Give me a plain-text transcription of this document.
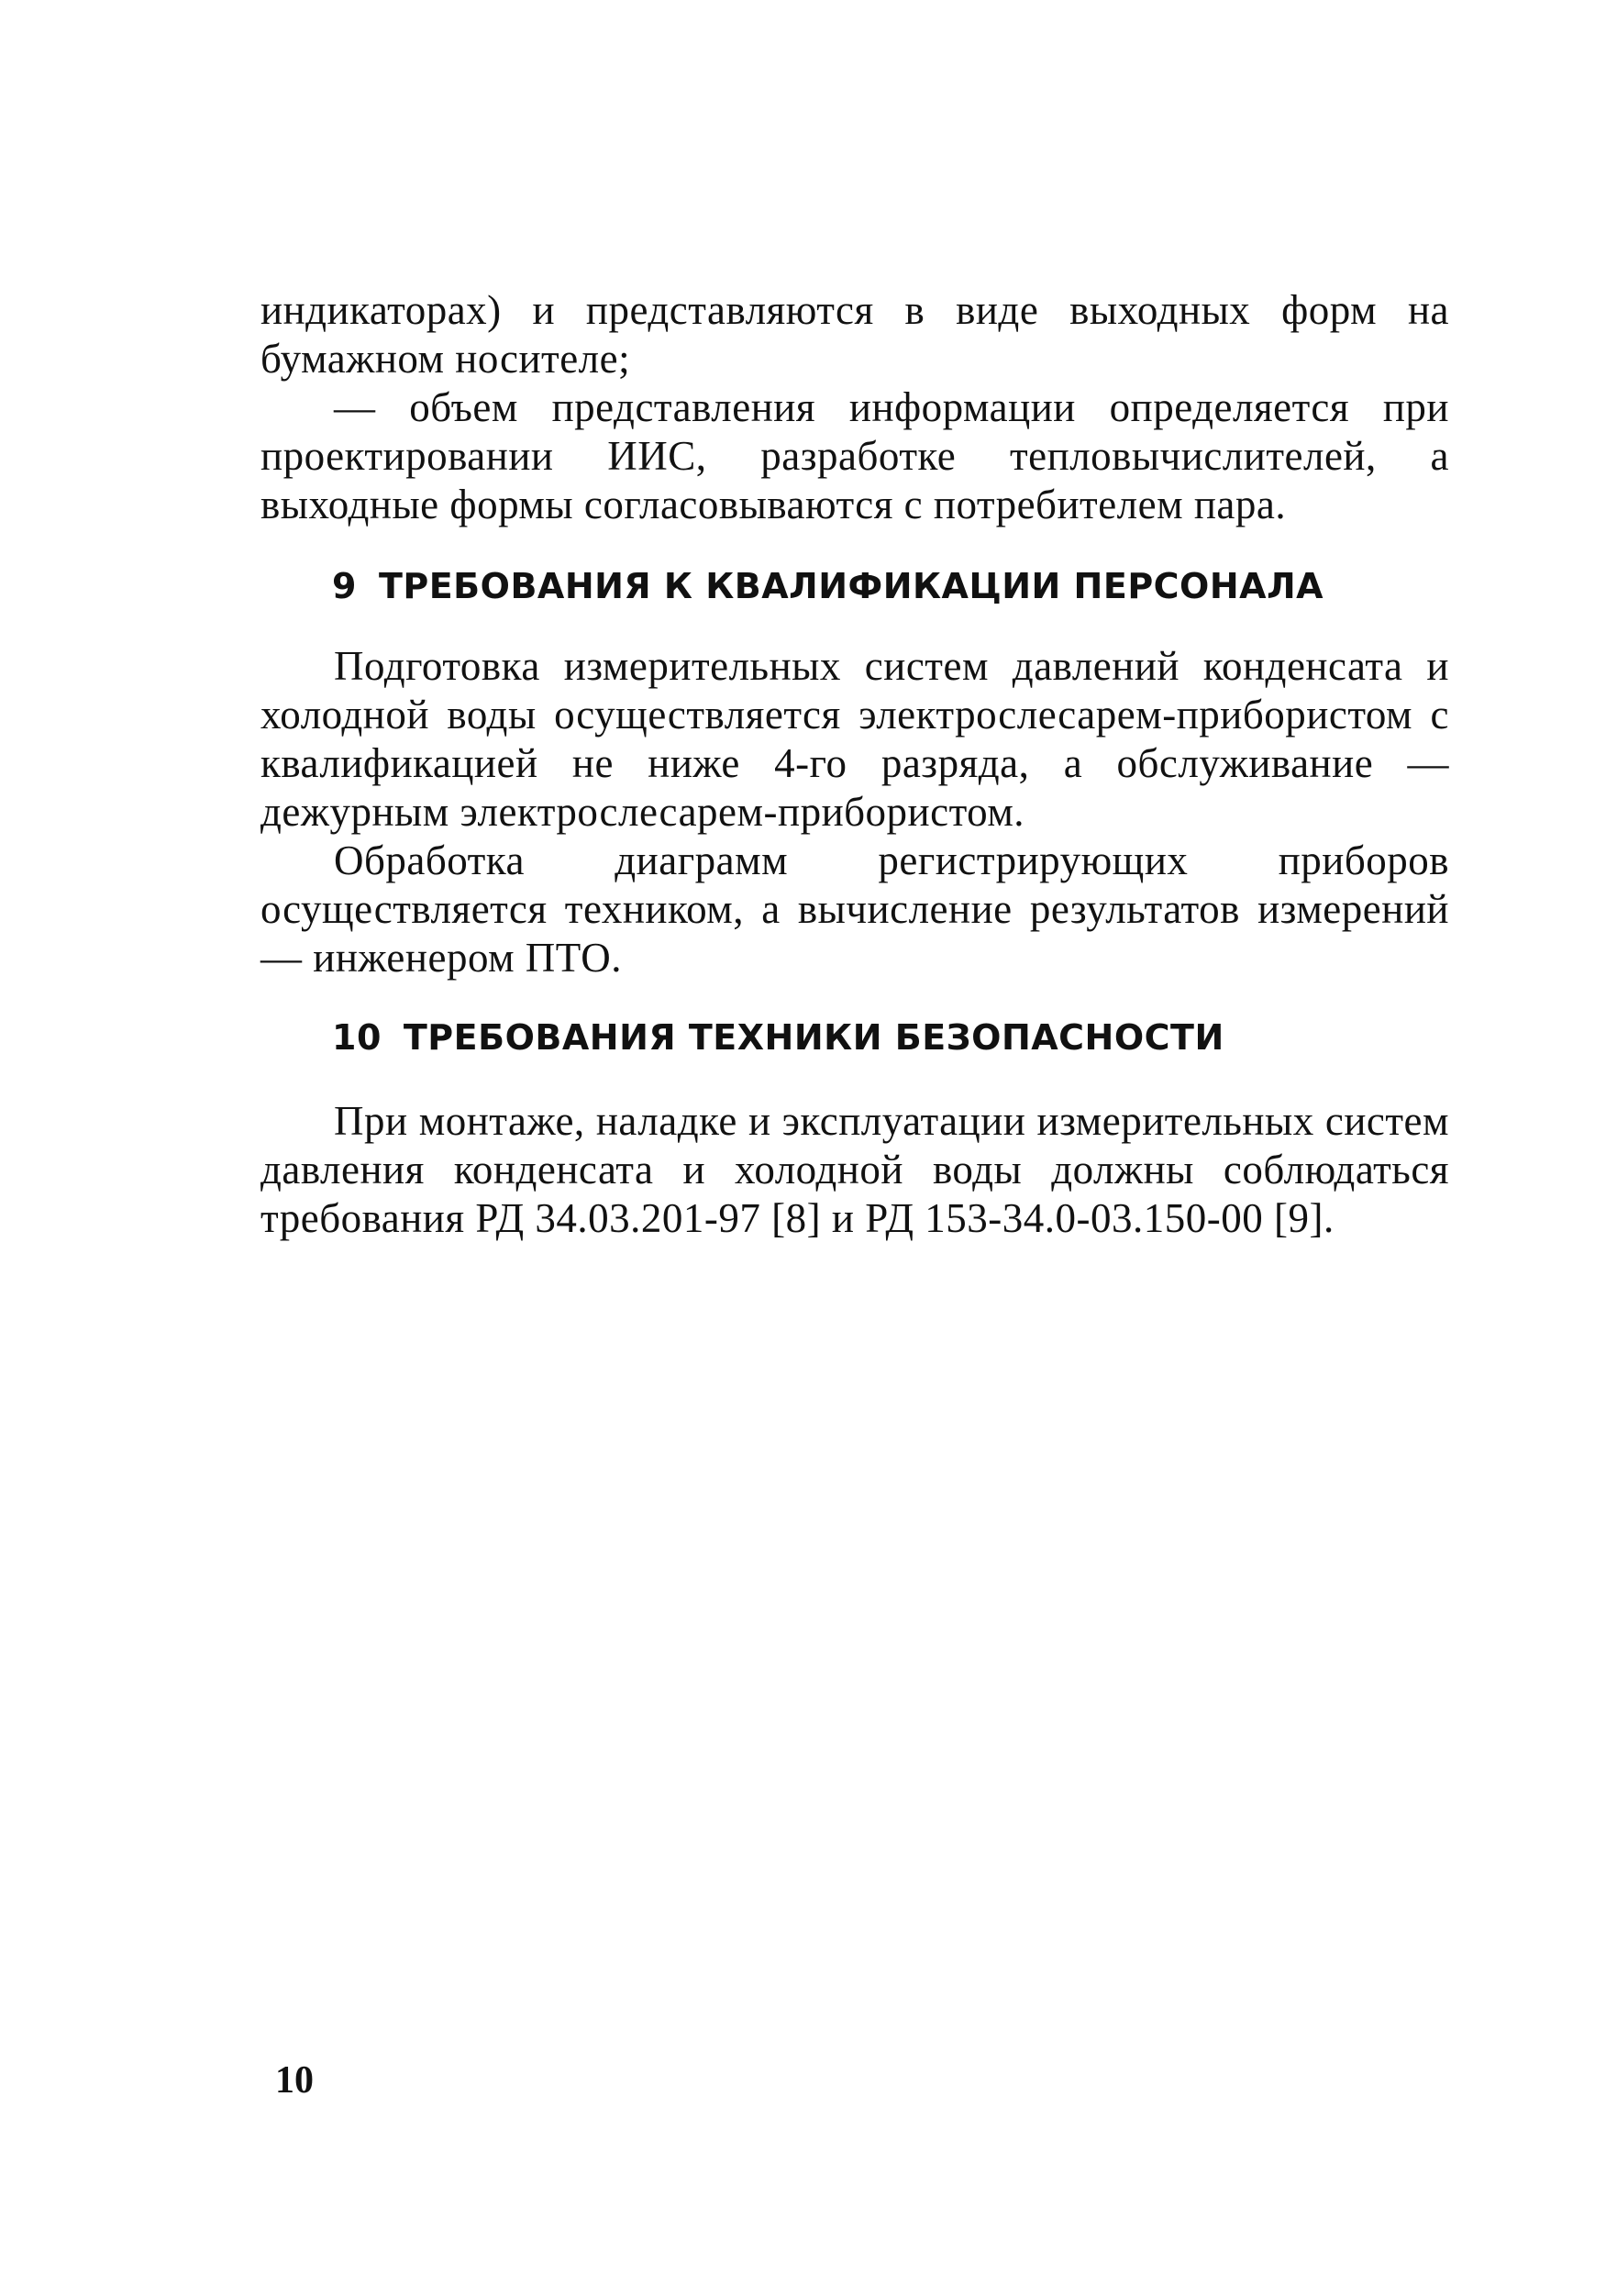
индикаторах) и представляются в виде выходных форм на бумажном носителе;

— объем представления информации определяется при проектировании ИИС, разработке тепловычислителей, а выходные формы согласовываются с потребителем пара.

9 ТРЕБОВАНИЯ К КВАЛИФИКАЦИИ ПЕРСОНАЛА

Подготовка измерительных систем давлений конденсата и холодной воды осуществляется электрослесарем-прибористом с квалификацией не ниже 4-го разряда, а обслуживание — дежурным электрослесарем-прибористом.

Обработка диаграмм регистрирующих приборов осуществляется техником, а вычисление результатов измерений — инженером ПТО.

10 ТРЕБОВАНИЯ ТЕХНИКИ БЕЗОПАСНОСТИ

При монтаже, наладке и эксплуатации измерительных систем давления конденсата и холодной воды должны соблюдаться требования РД 34.03.201-97 [8] и РД 153-34.0-03.150-00 [9].

10
